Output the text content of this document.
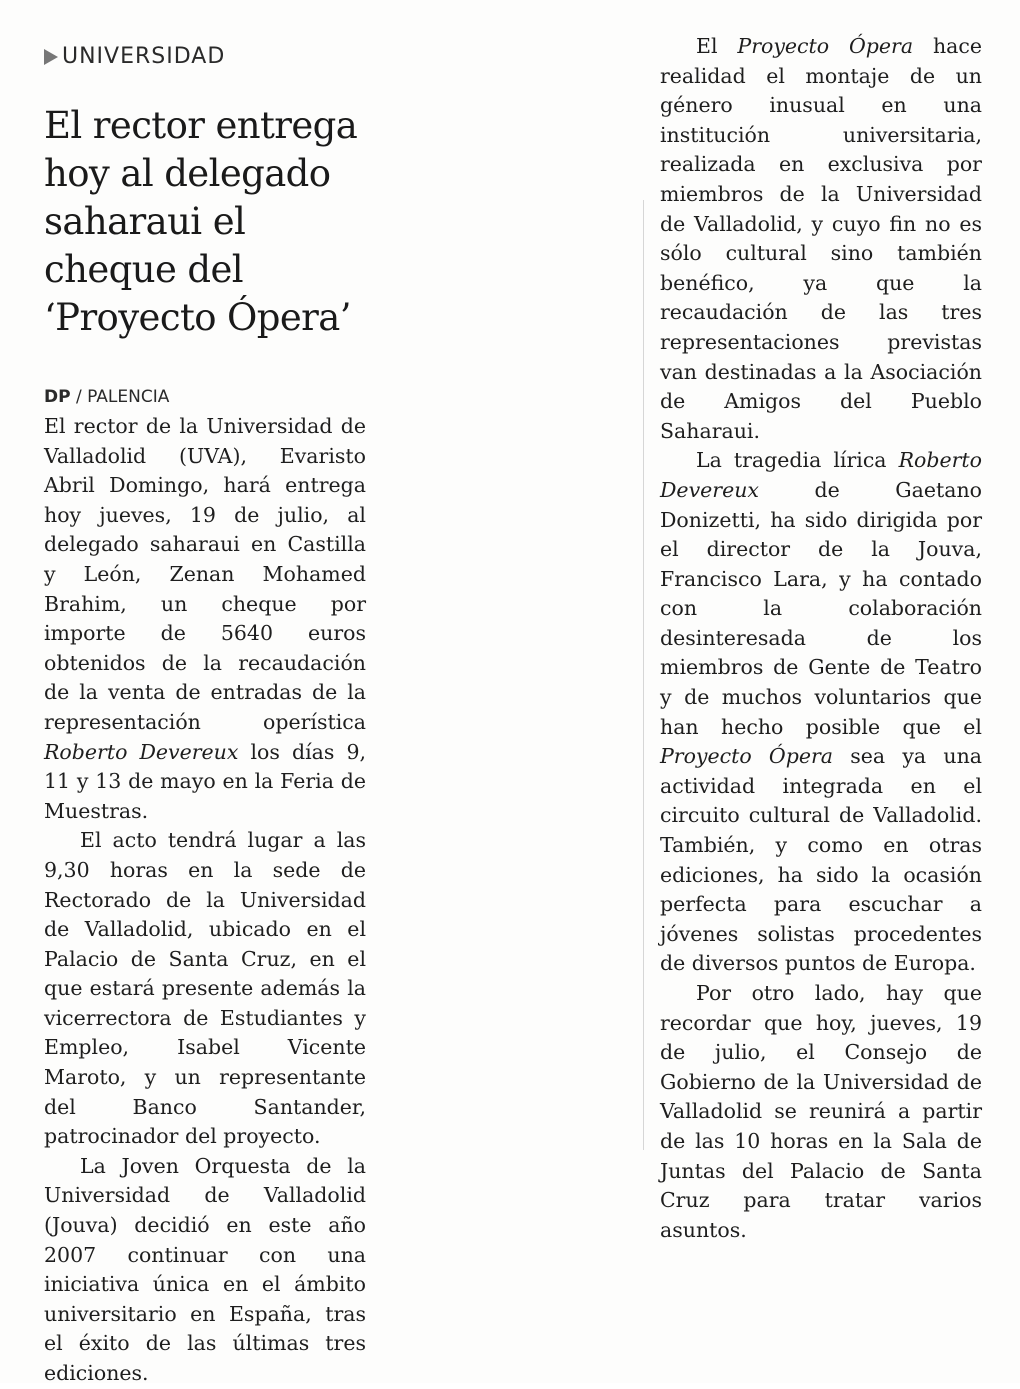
UNIVERSIDAD
El rector entrega
hoy al delegado
saharaui el
cheque del
‘Proyecto Ópera’
DP / PALENCIA

El rector de la Universidad de Valladolid (UVA), Evaristo Abril Domingo, hará entrega hoy jueves, 19 de julio, al delegado saharaui en Castilla y León, Zenan Mohamed Brahim, un cheque por importe de 5640 euros obtenidos de la recaudación de la venta de entradas de la representación operística Roberto Devereux los días 9, 11 y 13 de mayo en la Feria de Muestras.

El acto tendrá lugar a las 9,30 horas en la sede de Rectorado de la Universidad de Valladolid, ubicado en el Palacio de Santa Cruz, en el que estará presente además la vicerrectora de Estudiantes y Empleo, Isabel Vicente Maroto, y un representante del Banco Santander, patrocinador del proyecto.

La Joven Orquesta de la Universidad de Valladolid (Jouva) decidió en este año 2007 continuar con una iniciativa única en el ámbito universitario en España, tras el éxito de las últimas tres ediciones.

El Proyecto Ópera hace realidad el montaje de un género inusual en una institución universitaria, realizada en exclusiva por miembros de la Universidad de Valladolid, y cuyo fin no es sólo cultural sino también benéfico, ya que la recaudación de las tres representaciones previstas van destinadas a la Asociación de Amigos del Pueblo Saharaui.

La tragedia lírica Roberto Devereux de Gaetano Donizetti, ha sido dirigida por el director de la Jouva, Francisco Lara, y ha contado con la colaboración desinteresada de los miembros de Gente de Teatro y de muchos voluntarios que han hecho posible que el Proyecto Ópera sea ya una actividad integrada en el circuito cultural de Valladolid. También, y como en otras ediciones, ha sido la ocasión perfecta para escuchar a jóvenes solistas procedentes de diversos puntos de Europa.

Por otro lado, hay que recordar que hoy, jueves, 19 de julio, el Consejo de Gobierno de la Universidad de Valladolid se reunirá a partir de las 10 horas en la Sala de Juntas del Palacio de Santa Cruz para tratar varios asuntos.
